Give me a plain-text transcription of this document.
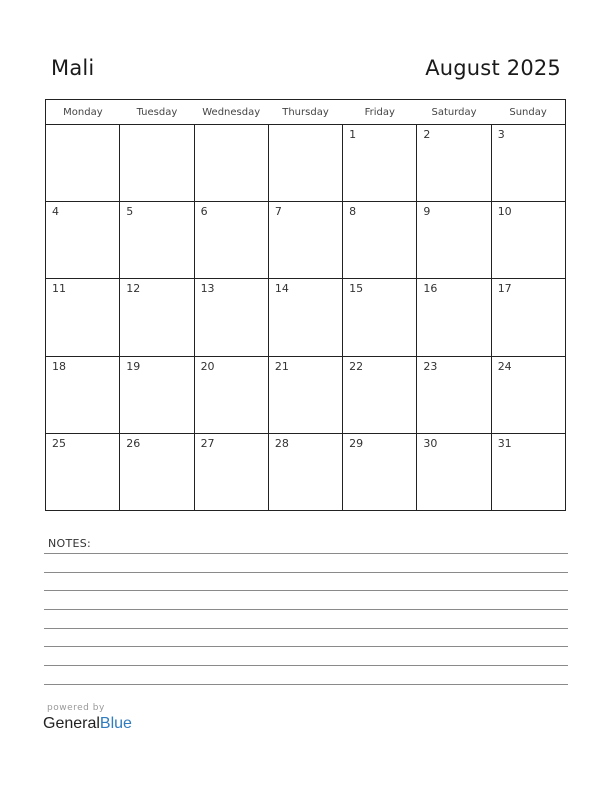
Mali	August 2025
Monday	Tuesday	Wednesday	Thursday	Friday	Saturday	Sunday

				1	2	3

4	5	6	7	8	9	10

11	12	13	14	15	16	17

18	19	20	21	22	23	24

25	26	27	28	29	30	31
NOTES:
powered by
GeneralBlue
